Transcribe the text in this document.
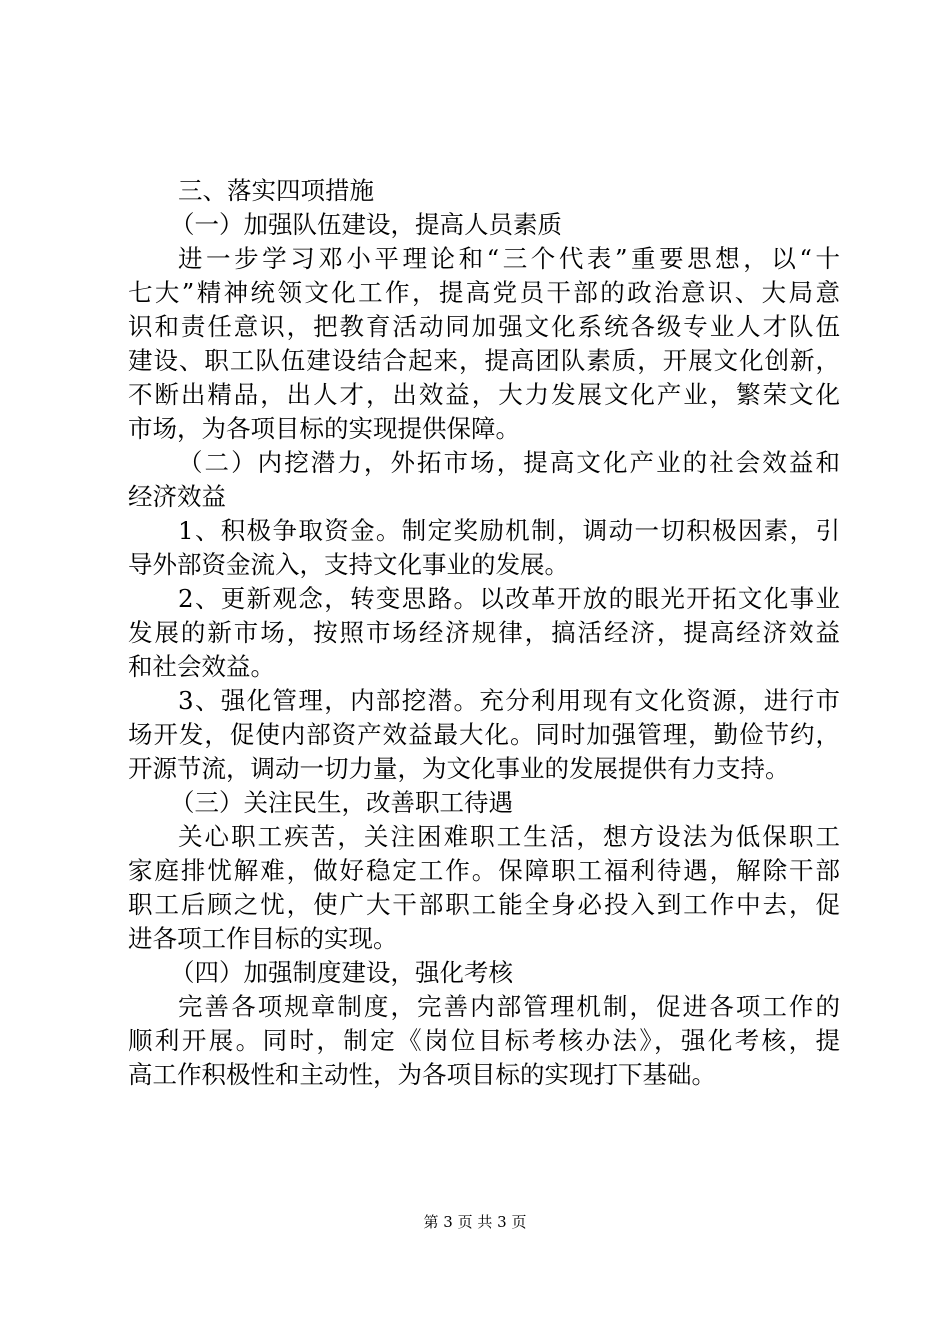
三、落实四项措施
（一）加强队伍建设，提高人员素质
进一步学习邓小平理论和“三个代表”重要思想，以“十
七大”精神统领文化工作，提高党员干部的政治意识、大局意
识和责任意识，把教育活动同加强文化系统各级专业人才队伍
建设、职工队伍建设结合起来，提高团队素质，开展文化创新，
不断出精品，出人才，出效益，大力发展文化产业，繁荣文化
市场，为各项目标的实现提供保障。
（二）内挖潜力，外拓市场，提高文化产业的社会效益和
经济效益
1、积极争取资金。制定奖励机制，调动一切积极因素，引
导外部资金流入，支持文化事业的发展。
2、更新观念，转变思路。以改革开放的眼光开拓文化事业
发展的新市场，按照市场经济规律，搞活经济，提高经济效益
和社会效益。
3、强化管理，内部挖潜。充分利用现有文化资源，进行市
场开发，促使内部资产效益最大化。同时加强管理，勤俭节约，
开源节流，调动一切力量，为文化事业的发展提供有力支持。
（三）关注民生，改善职工待遇
关心职工疾苦，关注困难职工生活，想方设法为低保职工
家庭排忧解难，做好稳定工作。保障职工福利待遇，解除干部
职工后顾之忧，使广大干部职工能全身必投入到工作中去，促
进各项工作目标的实现。
（四）加强制度建设，强化考核
完善各项规章制度，完善内部管理机制，促进各项工作的
顺利开展。同时，制定《岗位目标考核办法》，强化考核，提
高工作积极性和主动性，为各项目标的实现打下基础。
第 3 页 共 3 页
